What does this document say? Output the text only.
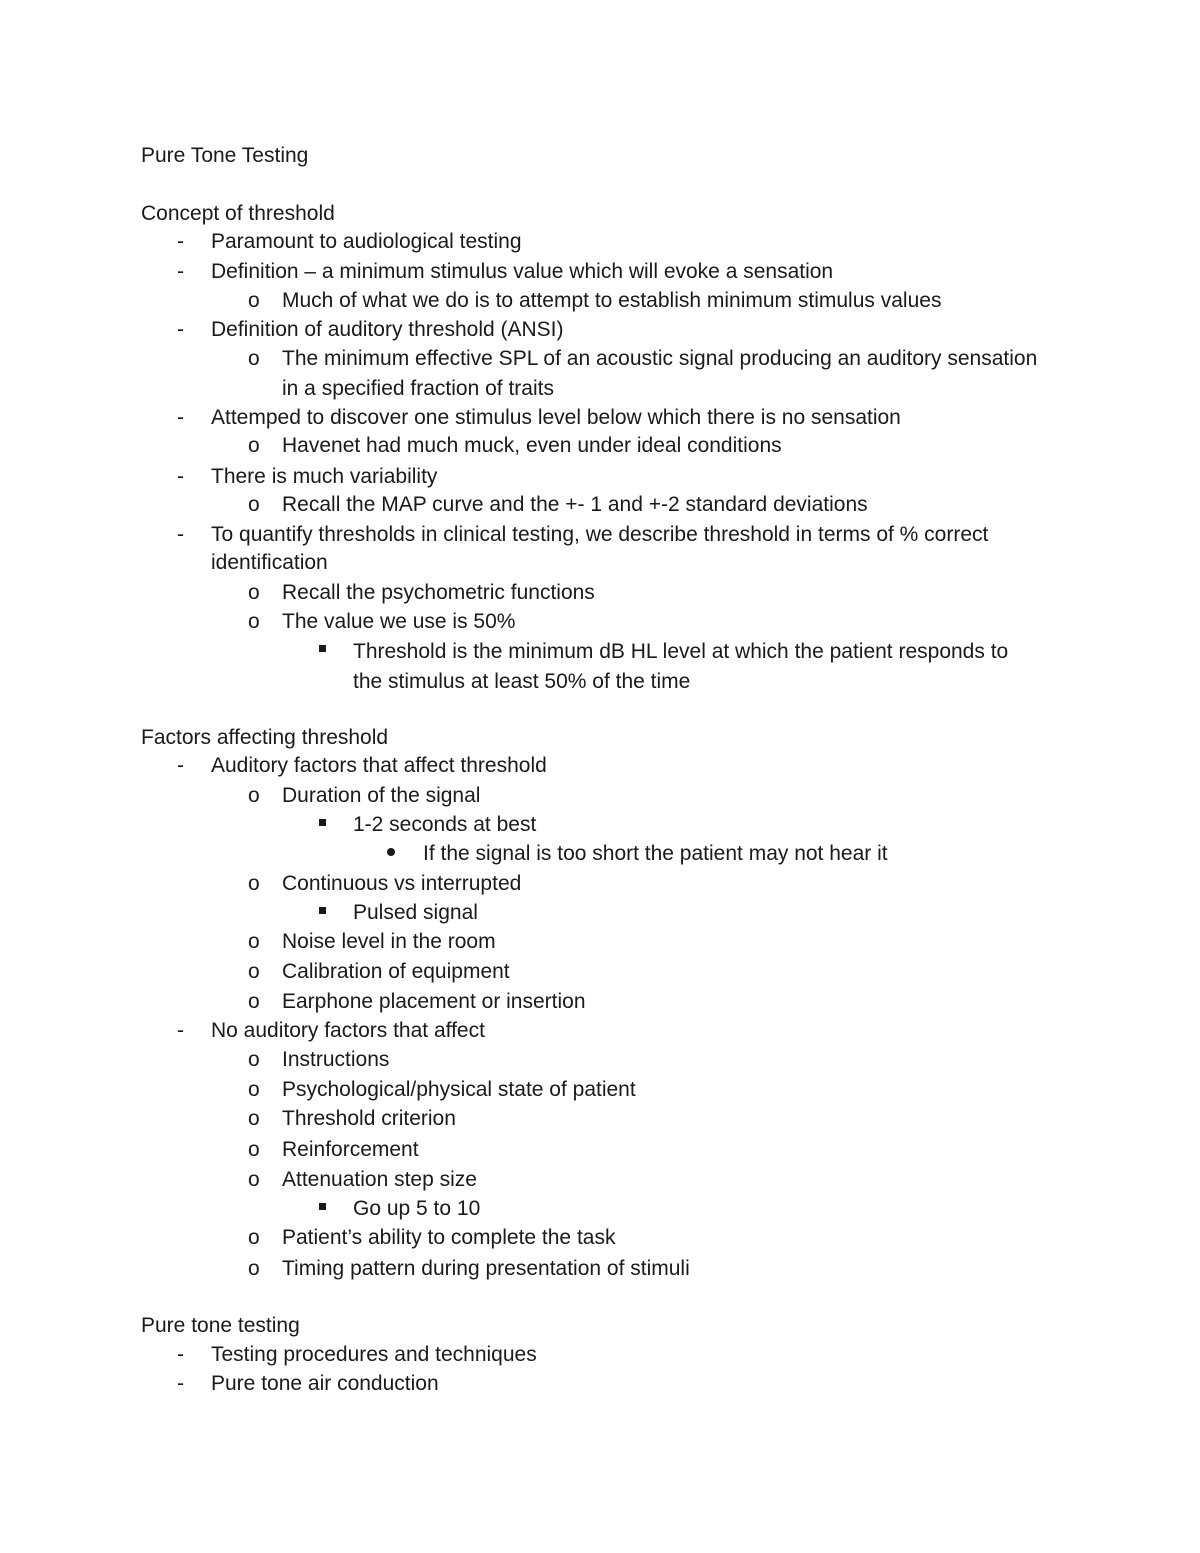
Pure Tone Testing
Concept of threshold
- Paramount to audiological testing
- Definition – a minimum stimulus value which will evoke a sensation
o Much of what we do is to attempt to establish minimum stimulus values
- Definition of auditory threshold (ANSI)
o The minimum effective SPL of an acoustic signal producing an auditory sensation
in a specified fraction of traits
- Attemped to discover one stimulus level below which there is no sensation
o Havenet had much muck, even under ideal conditions
- There is much variability
o Recall the MAP curve and the +- 1 and +-2 standard deviations
- To quantify thresholds in clinical testing, we describe threshold in terms of % correct
identification
o Recall the psychometric functions
o The value we use is 50%
Threshold is the minimum dB HL level at which the patient responds to
the stimulus at least 50% of the time
Factors affecting threshold
- Auditory factors that affect threshold
o Duration of the signal
1-2 seconds at best
If the signal is too short the patient may not hear it
o Continuous vs interrupted
Pulsed signal
o Noise level in the room
o Calibration of equipment
o Earphone placement or insertion
- No auditory factors that affect
o Instructions
o Psychological/physical state of patient
o Threshold criterion
o Reinforcement
o Attenuation step size
Go up 5 to 10
o Patient’s ability to complete the task
o Timing pattern during presentation of stimuli
Pure tone testing
- Testing procedures and techniques
- Pure tone air conduction
